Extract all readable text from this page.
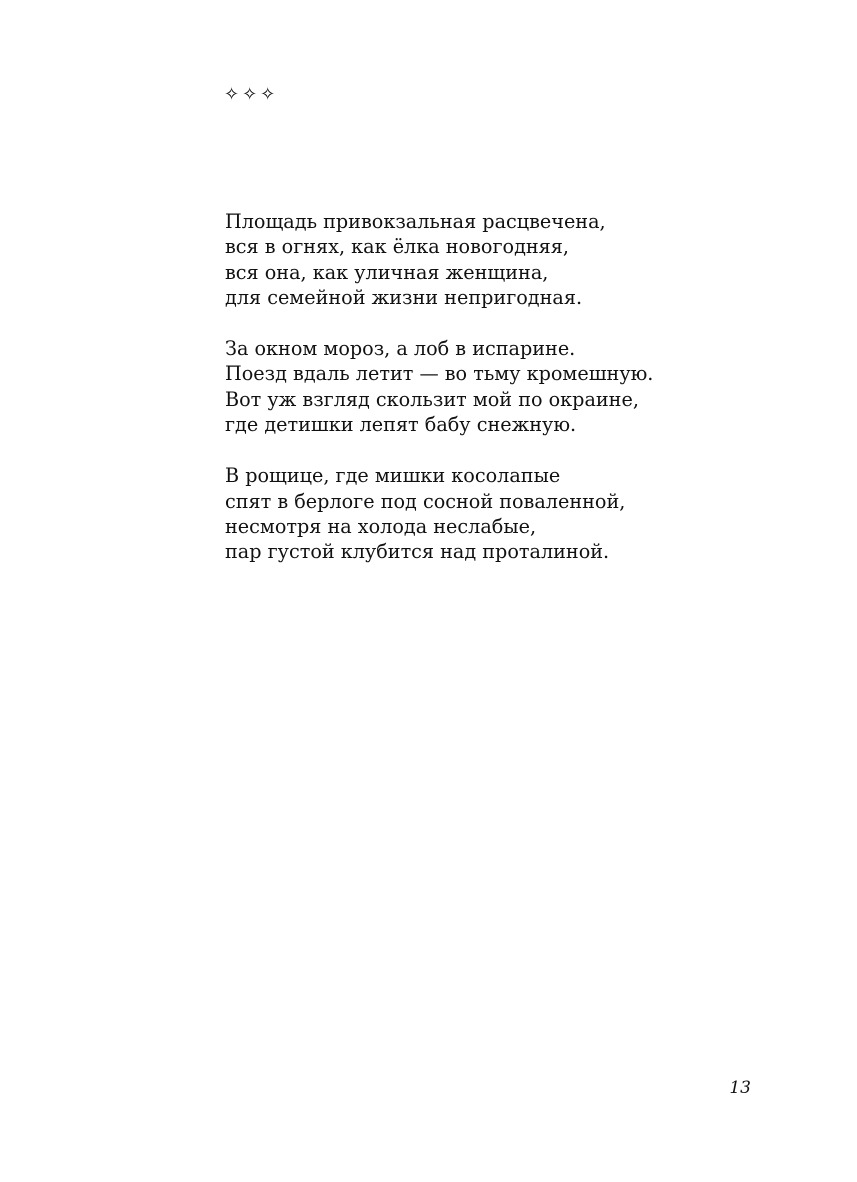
✧✧✧
Площадь привокзальная расцвечена,
вся в огнях, как ёлка новогодняя,
вся она, как уличная женщина,
для семейной жизни непригодная.
За окном мороз, а лоб в испарине.
Поезд вдаль летит — во тьму кромешную.
Вот уж взгляд скользит мой по окраине,
где детишки лепят бабу снежную.
В рощице, где мишки косолапые
спят в берлоге под сосной поваленной,
несмотря на холода неслабые,
пар густой клубится над проталиной.
13
